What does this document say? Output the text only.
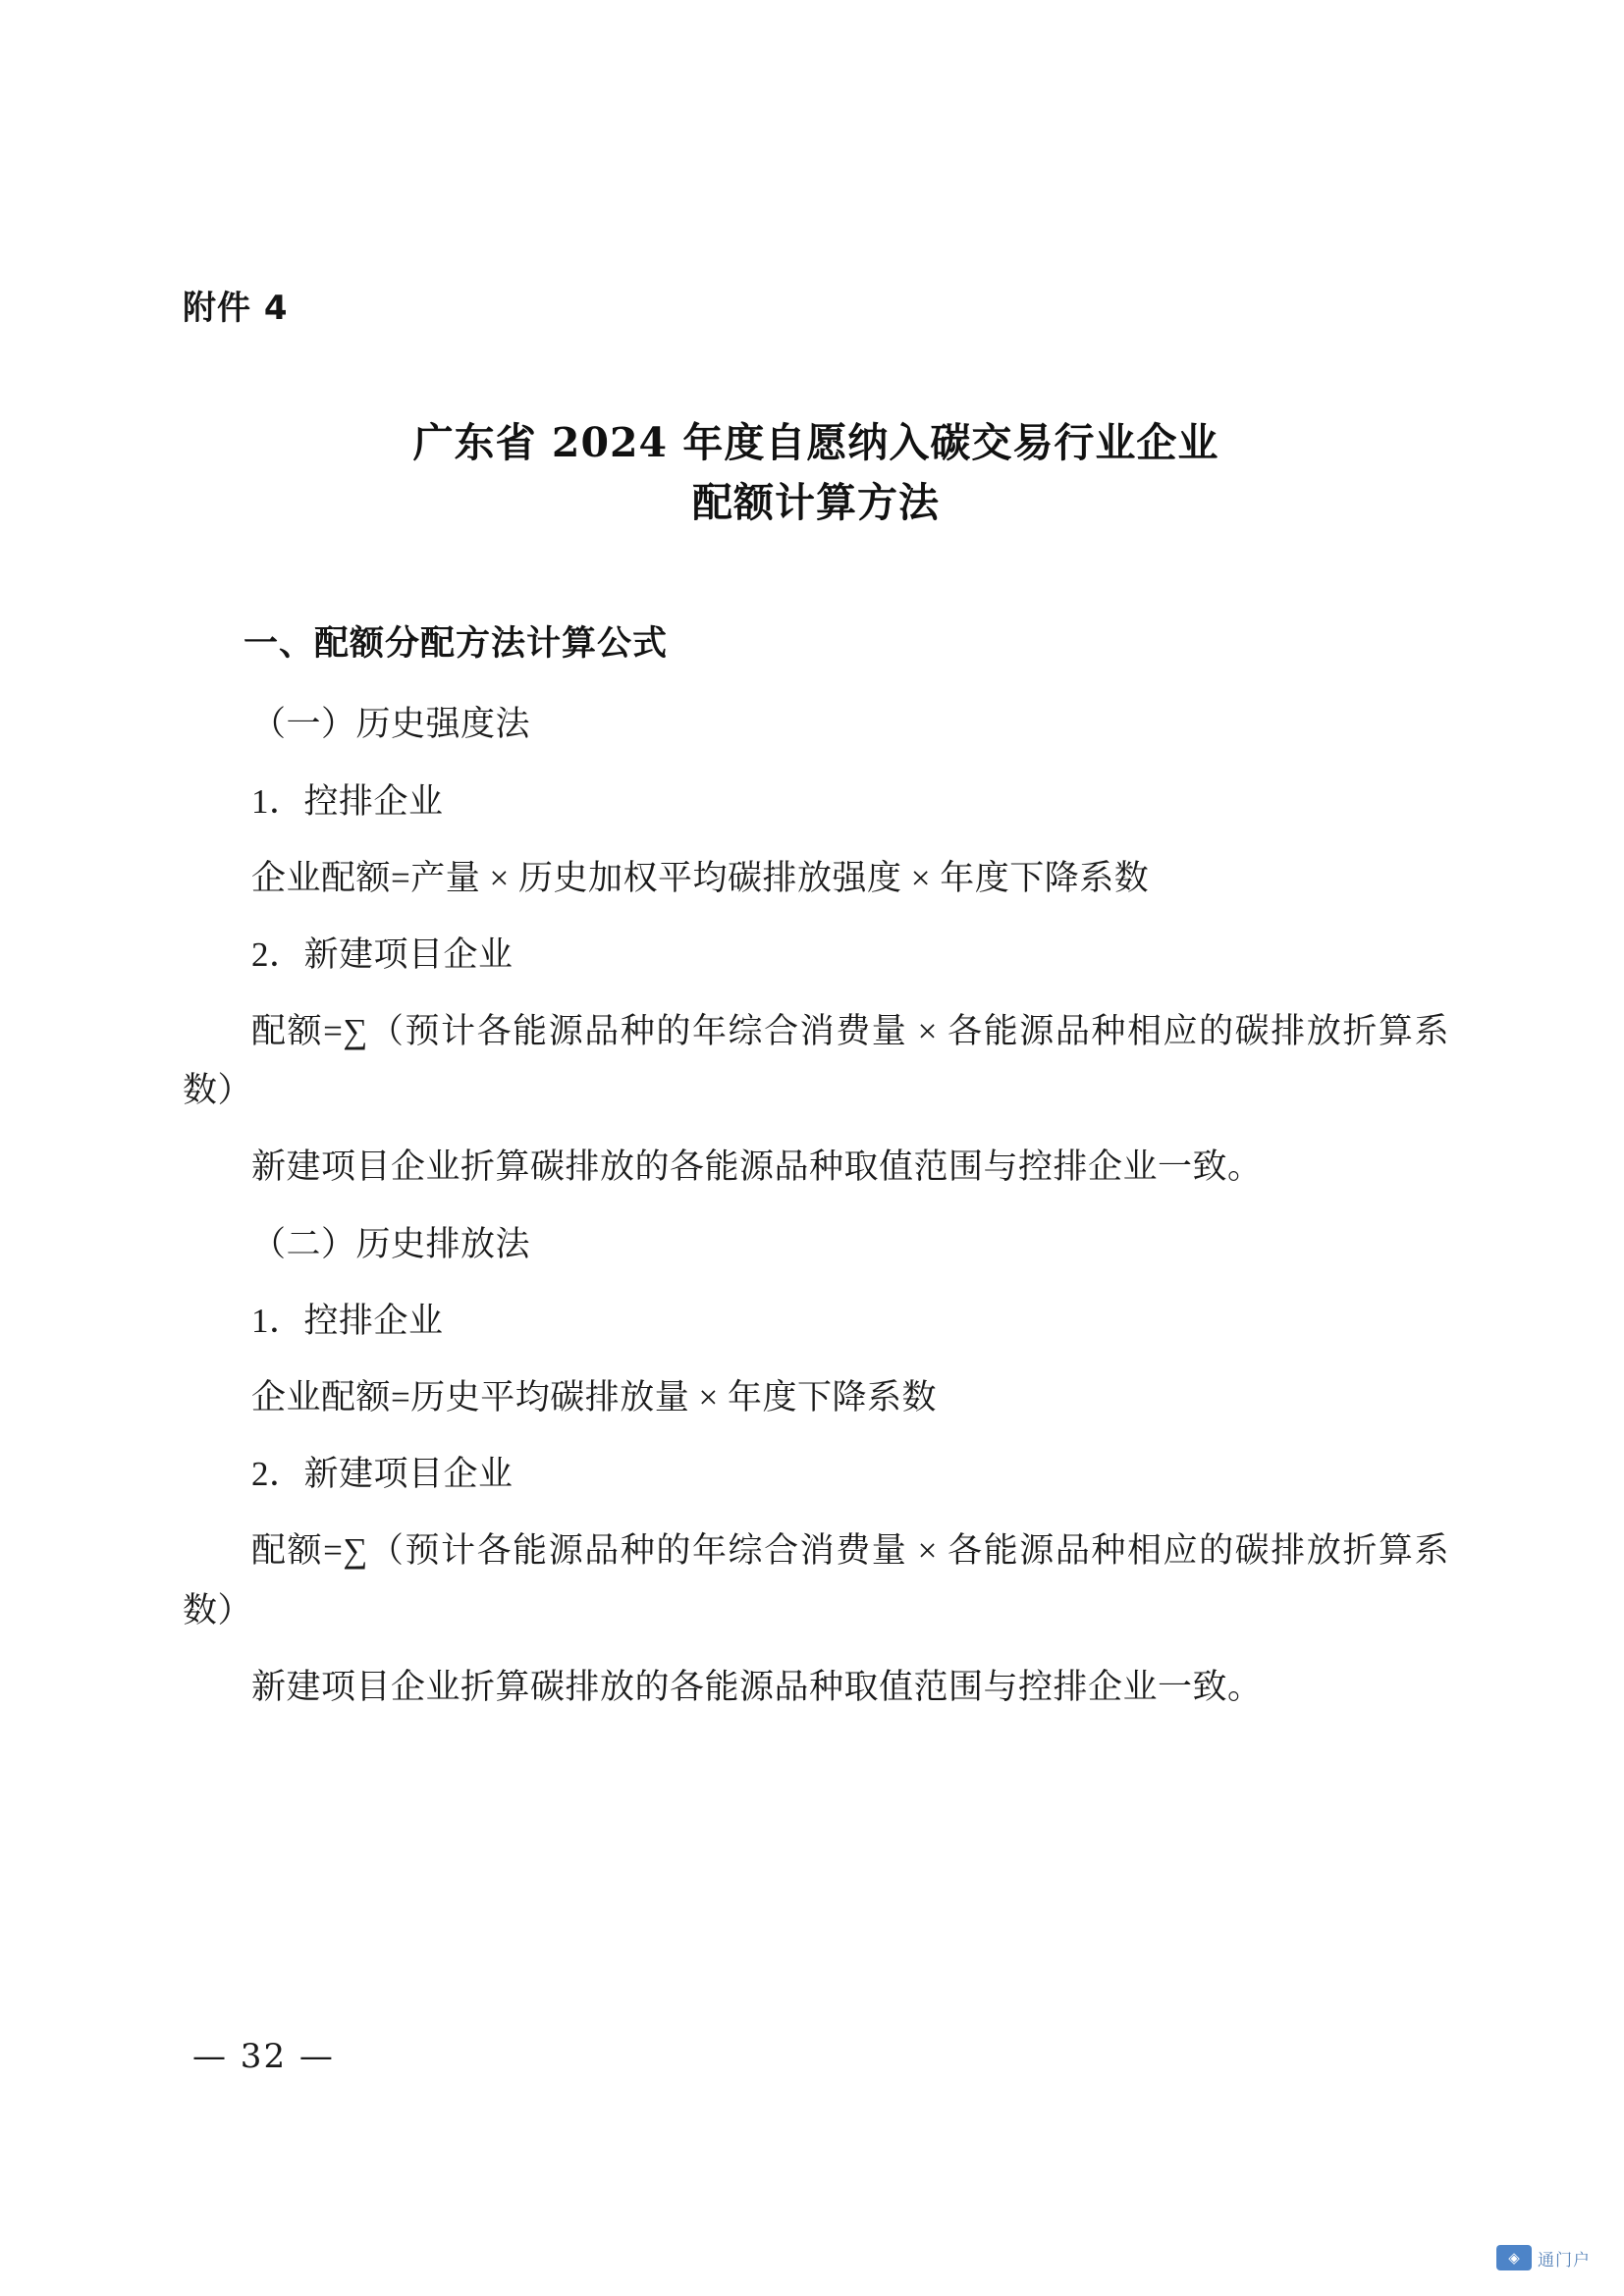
附件 4
广东省 2024 年度自愿纳入碳交易行业企业
配额计算方法
一、配额分配方法计算公式

（一）历史强度法

1．控排企业

企业配额=产量 × 历史加权平均碳排放强度 × 年度下降系数

2．新建项目企业

配额=∑（预计各能源品种的年综合消费量 × 各能源品种相应的碳排放折算系数）

新建项目企业折算碳排放的各能源品种取值范围与控排企业一致。

（二）历史排放法

1．控排企业

企业配额=历史平均碳排放量 × 年度下降系数

2．新建项目企业

配额=∑（预计各能源品种的年综合消费量 × 各能源品种相应的碳排放折算系数）

新建项目企业折算碳排放的各能源品种取值范围与控排企业一致。

— 32 —
◈	通门户
